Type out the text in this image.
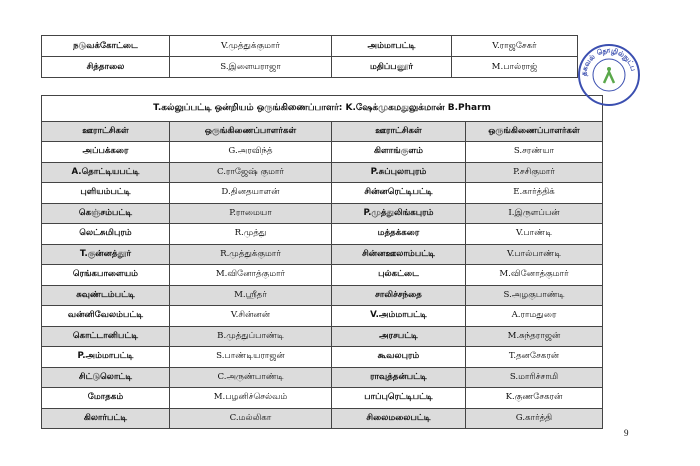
நடுவக்கோட்டை	V.முத்துக்குமார்	அம்மாபட்டி	V.ராஜசேகர்
சித்தாலை	S.இளையராஜா	மதிப்பனூர்	M.பால்ராஜ்
T.கல்லுப்பட்டி ஒன்றியம் ஒருங்கிணைப்பாளர்: K.ஷேக்முகமதுலுக்மான் B.Pharm			
ஊராட்சிகள்	ஒருங்கிணைப்பாளர்கள்	ஊராட்சிகள்	ஒருங்கிணைப்பாளர்கள்
அப்பக்கரை	G.அரவிந்த்	கிளாங்குளம்	S.சரண்யா
A.தொட்டியபட்டி	C.ராஜேஷ் குமார்	P.சுப்புலாபுரம்	P.சசிகுமார்
புளியம்பட்டி	D.தினதயாளன்	சின்னரெட்டிபட்டி	E.கார்த்திக்
கெஞ்சம்பட்டி	P.ராமையா	P.முத்துலிங்கபுரம்	I.இருளப்பன்
லெட்சுமிபுரம்	R.முத்து	மத்தக்கரை	V.பாண்டி
T.குன்னத்தூர்	R.முத்துக்குமார்	சின்னஊலாம்பட்டி	V.பால்பாண்டி
ரெங்கபாளையம்	M.வினோத்குமார்	புல்கட்டை	M.வினோத்குமார்
சுவுண்டம்பட்டி	M.ஸ்ரீதர்	சாலிச்சந்தை	S.அழகுபாண்டி
வன்னிவேலம்பட்டி	V.சின்னன்	V.அம்மாபட்டி	A.ராமதுரை
கொட்டானிபட்டி	B.முத்துப்பாண்டி	அரசபட்டி	M.சுந்தராஜன்
P.அம்மாபட்டி	S.பாண்டியராஜன்	கூவலபுரம்	T.தனசேகரன்
சிட்டுலொட்டி	C.அருண்பாண்டி	ராவுத்தன்பட்டி	S.மாரிச்சாமி
மோதகம்	M.பழனிச்செல்வம்	பாப்புரெட்டிபட்டி	K.குணசேகரன்
கிலார்பட்டி	C.மல்லிகா	சிலைமலைபட்டி	G.கார்த்தி
தகவல் தொழில்நுட்ப
9
